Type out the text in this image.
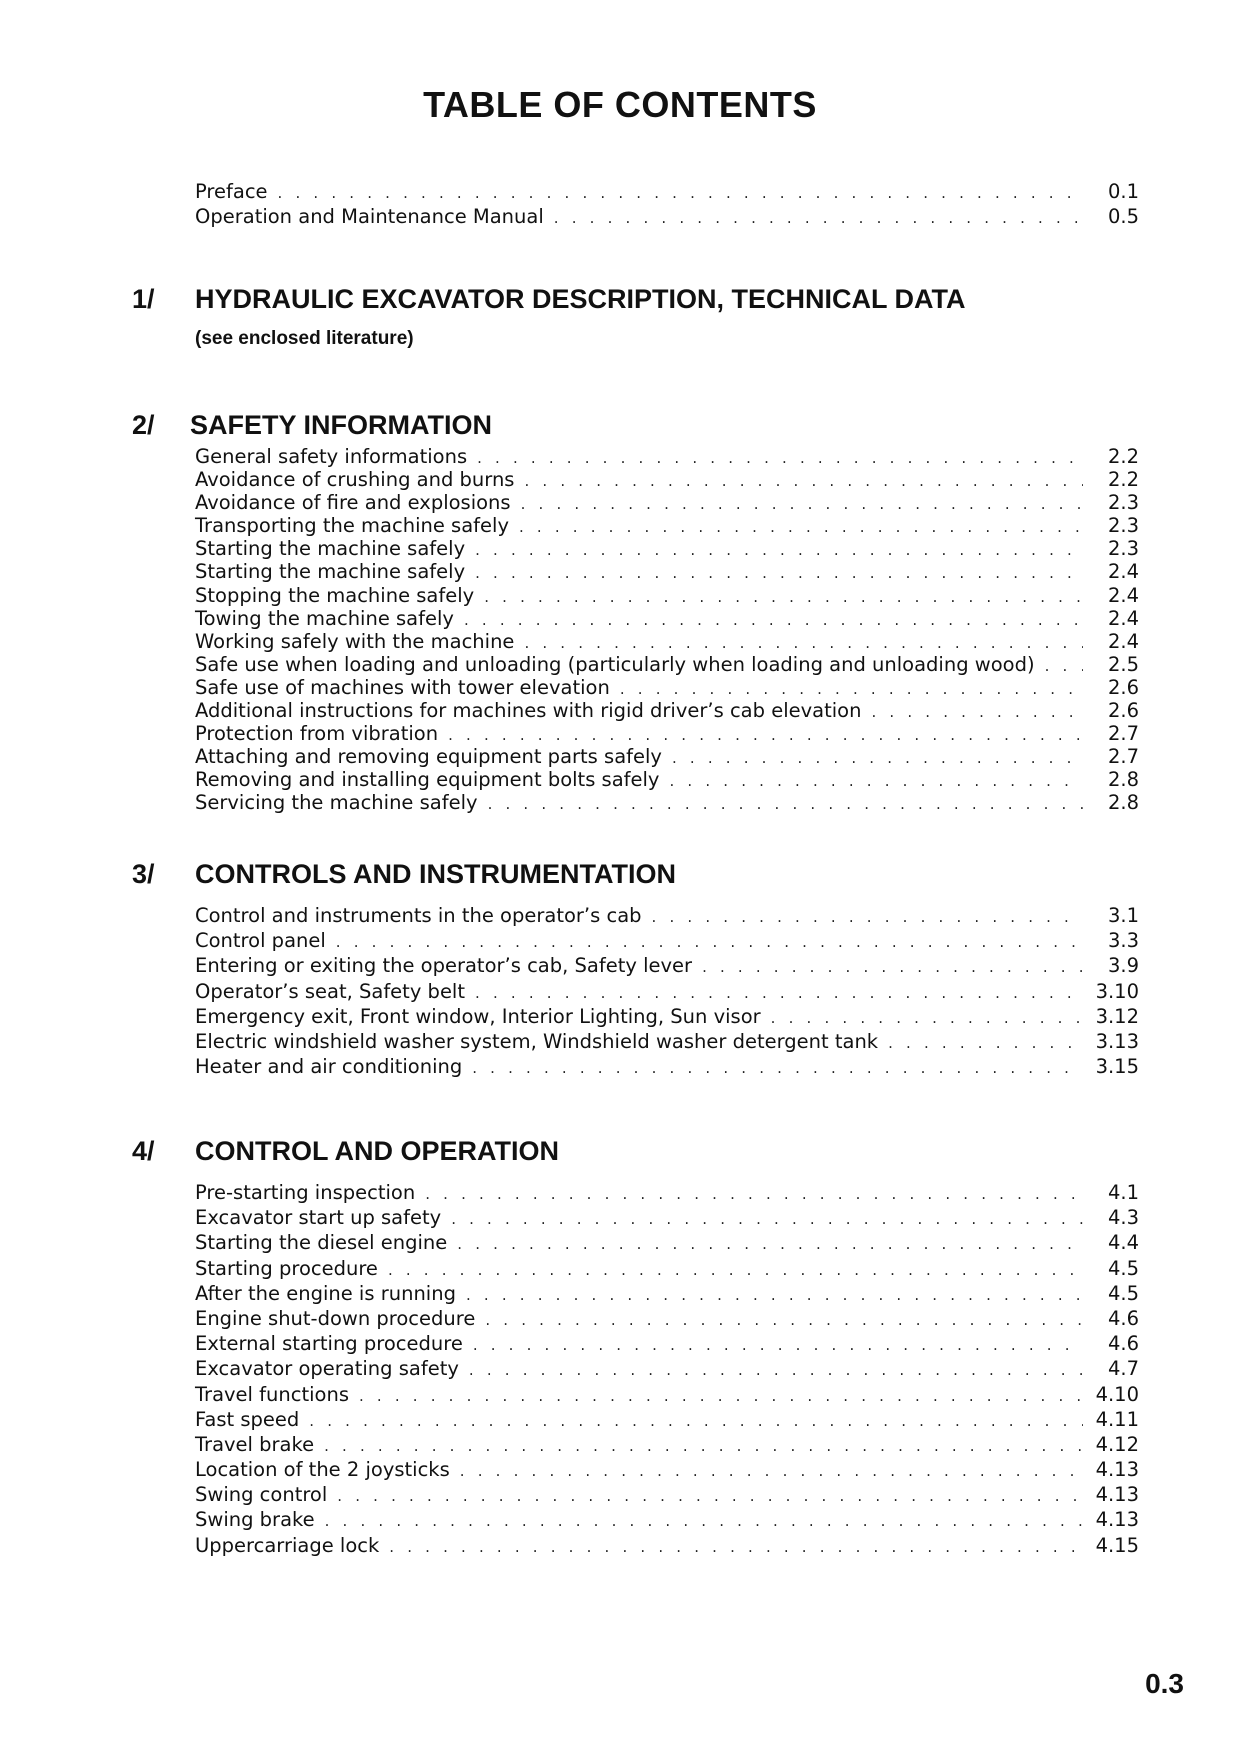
TABLE OF CONTENTS
Preface . . .	0.1
Operation and Maintenance Manual . . .	0.5
1/ HYDRAULIC EXCAVATOR DESCRIPTION, TECHNICAL DATA
(see enclosed literature)
2/ SAFETY INFORMATION
General safety informations . . .	2.2
Avoidance of crushing and burns . . .	2.2
Avoidance of fire and explosions . . .	2.3
Transporting the machine safely . . .	2.3
Starting the machine safely . . .	2.3
Starting the machine safely . . .	2.4
Stopping the machine safely . . .	2.4
Towing the machine safely . . .	2.4
Working safely with the machine . . .	2.4
Safe use when loading and unloading (particularly when loading and unloading wood) . . .	2.5
Safe use of machines with tower elevation . . .	2.6
Additional instructions for machines with rigid driver’s cab elevation . . .	2.6
Protection from vibration . . .	2.7
Attaching and removing equipment parts safely . . .	2.7
Removing and installing equipment bolts safely . . .	2.8
Servicing the machine safely . . .	2.8
3/ CONTROLS AND INSTRUMENTATION
Control and instruments in the operator’s cab . . .	3.1
Control panel . . .	3.3
Entering or exiting the operator’s cab, Safety lever . . .	3.9
Operator’s seat, Safety belt . . .	3.10
Emergency exit, Front window, Interior Lighting, Sun visor . . .	3.12
Electric windshield washer system, Windshield washer detergent tank . . .	3.13
Heater and air conditioning . . .	3.15
4/ CONTROL AND OPERATION
Pre-starting inspection . . .	4.1
Excavator start up safety . . .	4.3
Starting the diesel engine . . .	4.4
Starting procedure . . .	4.5
After the engine is running . . .	4.5
Engine shut-down procedure . . .	4.6
External starting procedure . . .	4.6
Excavator operating safety . . .	4.7
Travel functions . . .	4.10
Fast speed . . .	4.11
Travel brake . . .	4.12
Location of the 2 joysticks . . .	4.13
Swing control . . .	4.13
Swing brake . . .	4.13
Uppercarriage lock . . .	4.15
0.3
